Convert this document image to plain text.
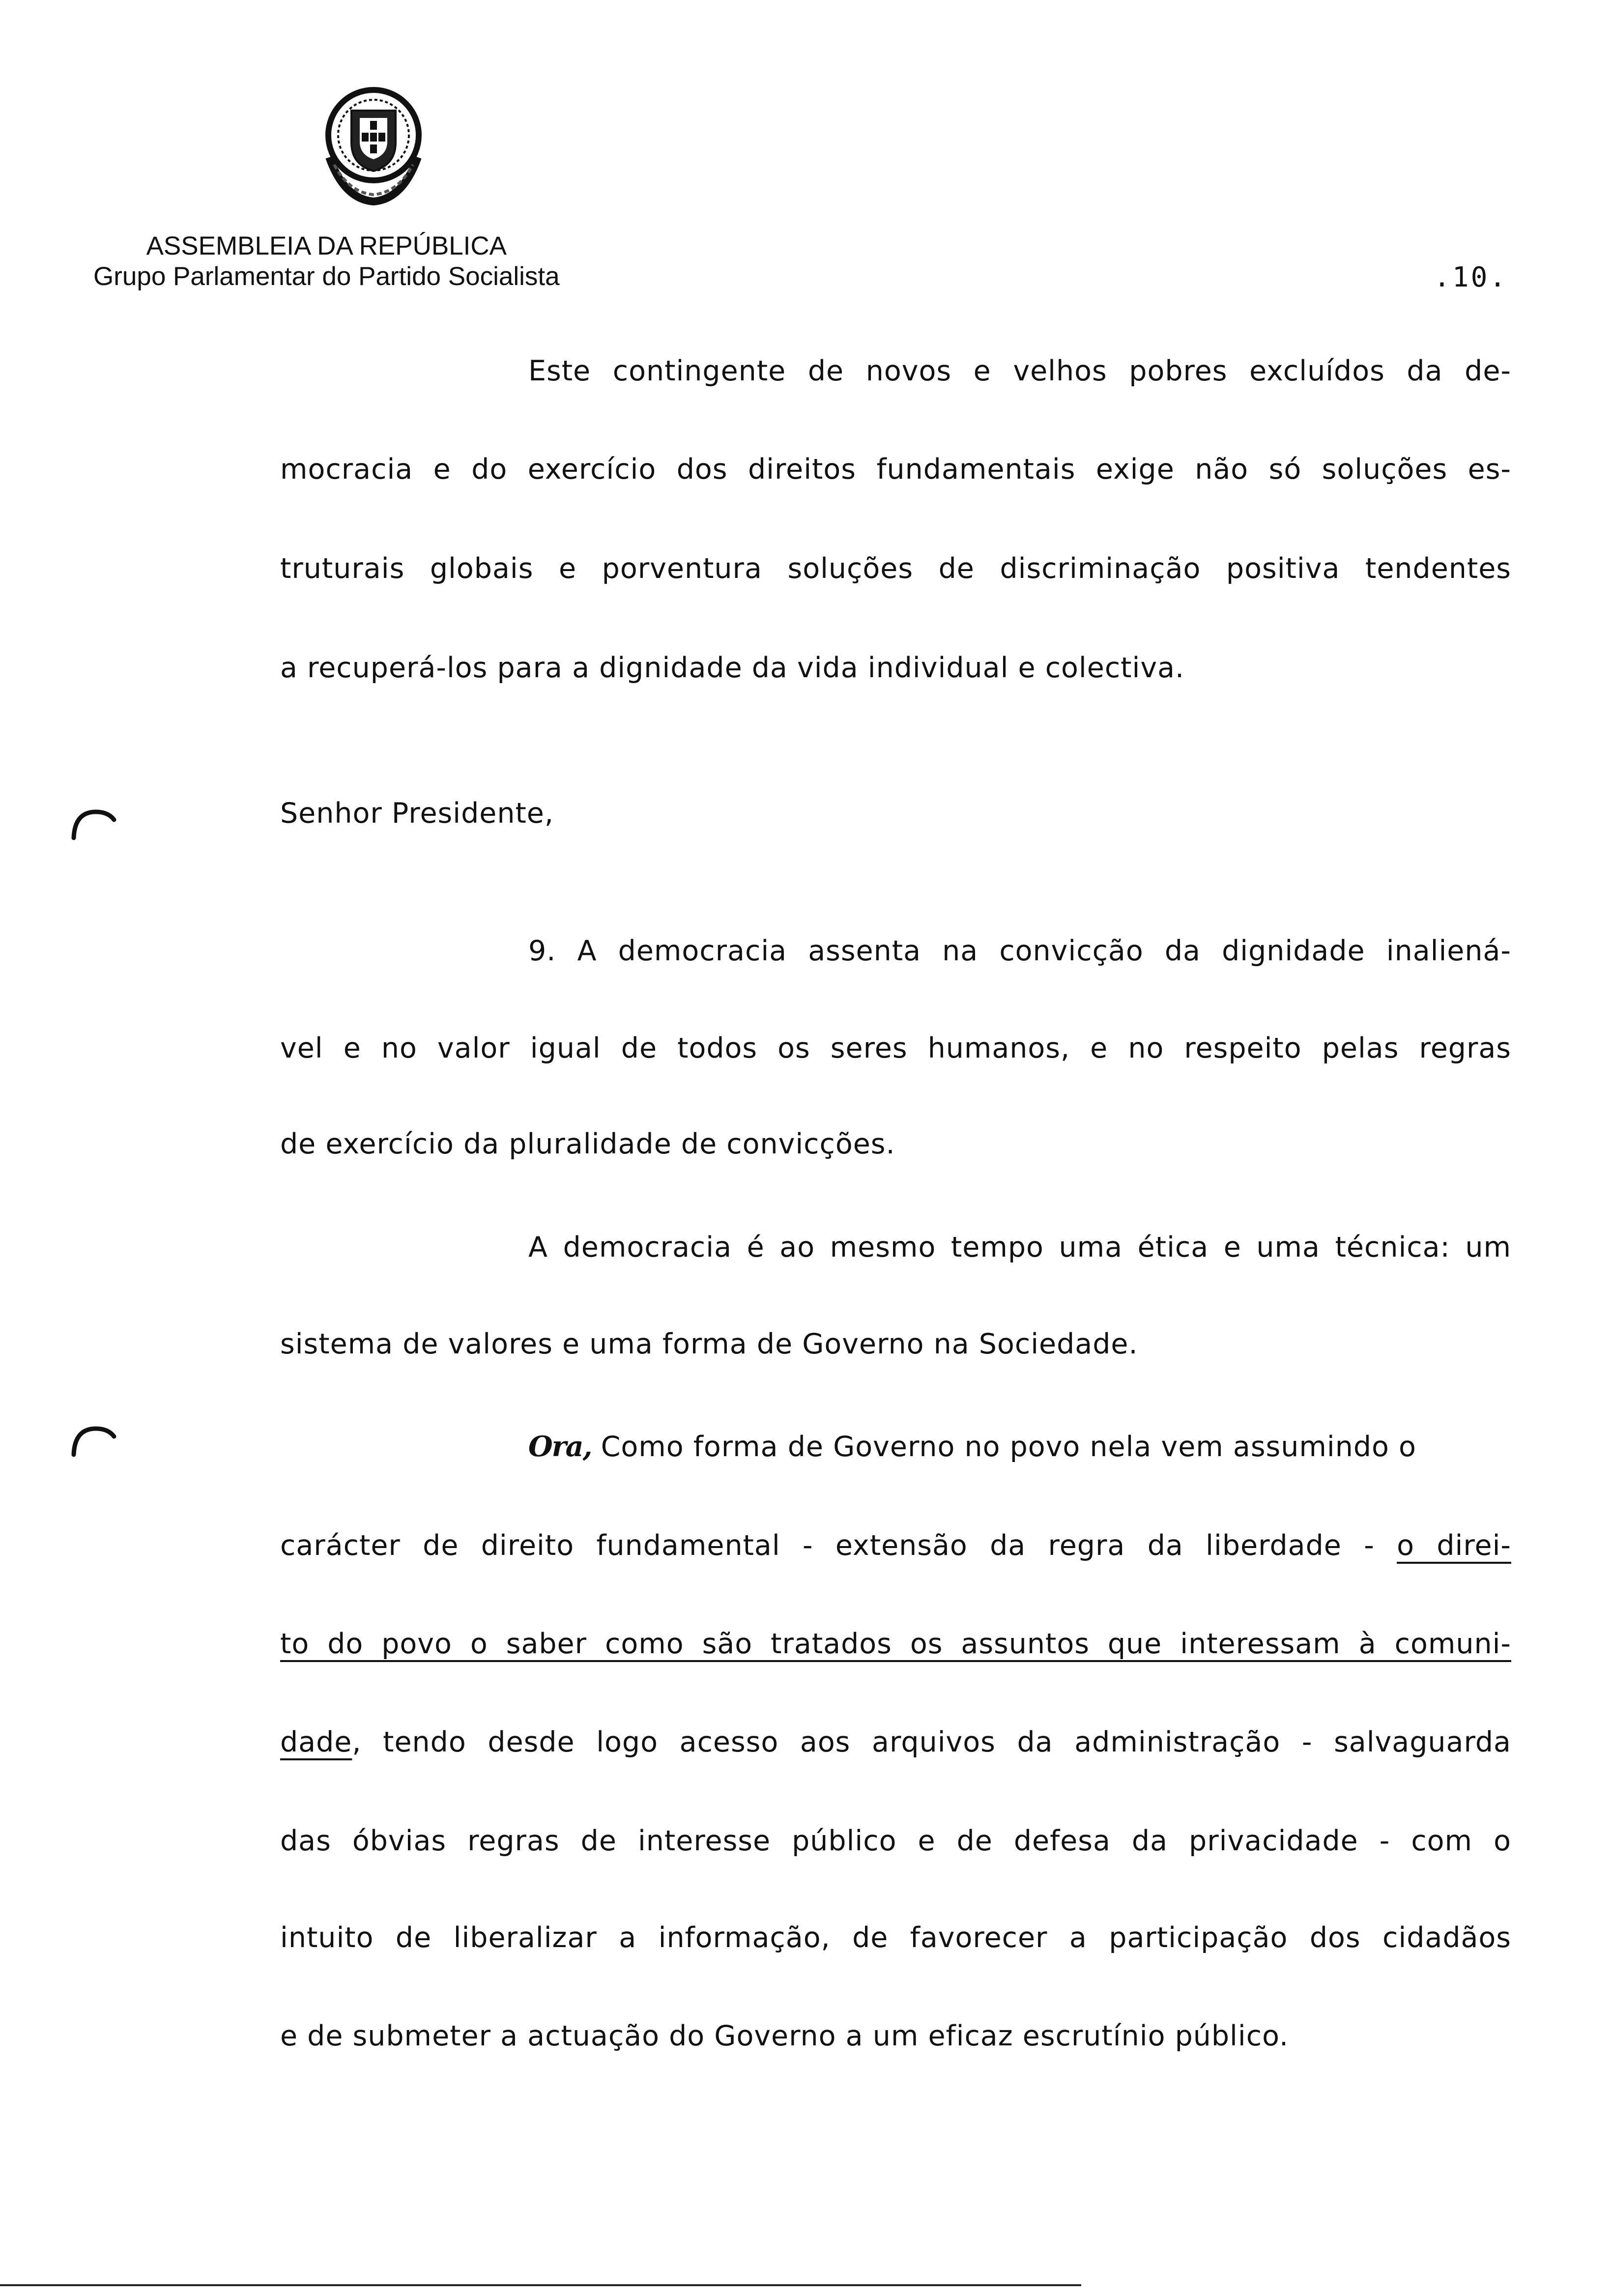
ASSEMBLEIA DA REPÚBLICA
Grupo Parlamentar do Partido Socialista	.10.
Este contingente de novos e velhos pobres excluídos da de-
mocracia e do exercício dos direitos fundamentais exige não só soluções es-
truturais globais e porventura soluções de discriminação positiva tendentes
a recuperá-los para a dignidade da vida individual e colectiva.
Senhor Presidente,
9. A democracia assenta na convicção da dignidade inaliená-
vel e no valor igual de todos os seres humanos, e no respeito pelas regras
de exercício da pluralidade de convicções.
A democracia é ao mesmo tempo uma ética e uma técnica: um
sistema de valores e uma forma de Governo na Sociedade.
Ora, Como forma de Governo no povo nela vem assumindo o
carácter de direito fundamental - extensão da regra da liberdade - o direi-
to do povo o saber como são tratados os assuntos que interessam à comuni-
dade, tendo desde logo acesso aos arquivos da administração - salvaguarda
das óbvias regras de interesse público e de defesa da privacidade - com o
intuito de liberalizar a informação, de favorecer a participação dos cidadãos
e de submeter a actuação do Governo a um eficaz escrutínio público.
